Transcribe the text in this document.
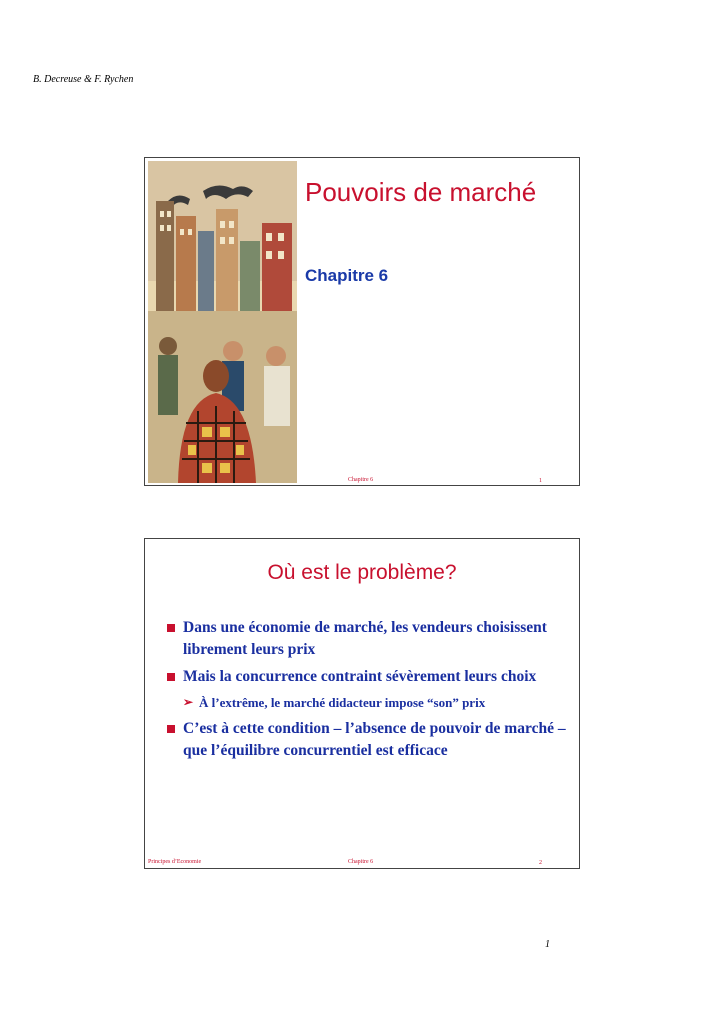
B. Decreuse & F. Rychen
Pouvoirs de marché
Chapitre 6
Chapitre 6	1
Où est le problème?
Dans une économie de marché, les vendeurs choisissent librement leurs prix
Mais la concurrence contraint sévèrement leurs choix
➢ À l’extrême, le marché didacteur impose “son” prix
C’est à cette condition – l’absence de pouvoir de marché – que l’équilibre concurrentiel est efficace
Principes d’Economie	Chapitre 6	2
1
